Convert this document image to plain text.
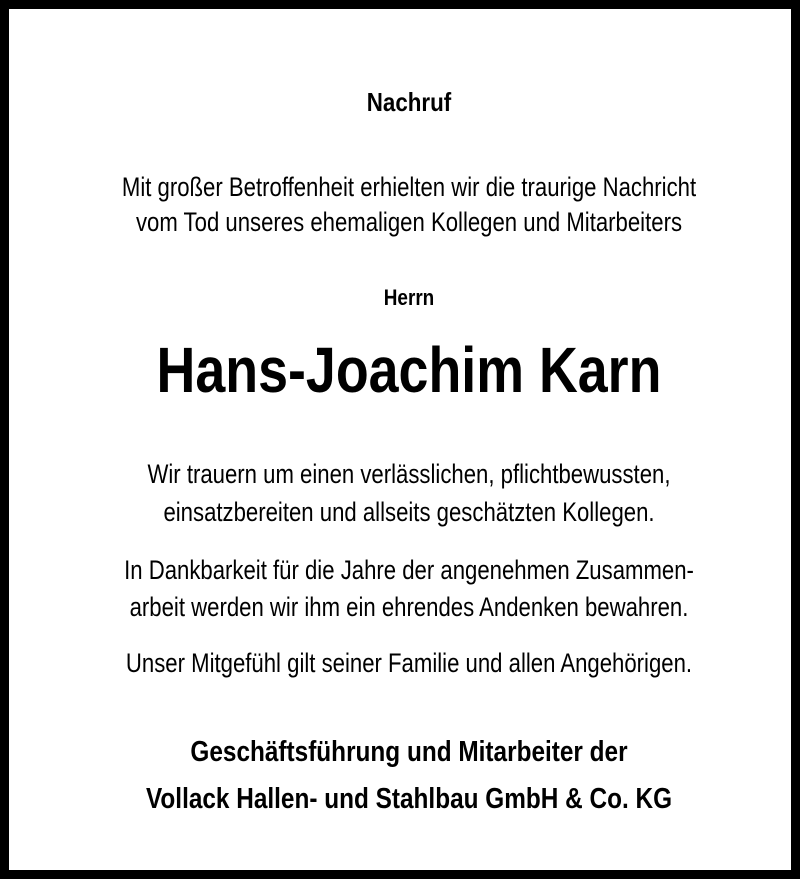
Nachruf
Mit großer Betroffenheit erhielten wir die traurige Nachricht
vom Tod unseres ehemaligen Kollegen und Mitarbeiters
Herrn
Hans-Joachim Karn
Wir trauern um einen verlässlichen, pflichtbewussten,
einsatzbereiten und allseits geschätzten Kollegen.
In Dankbarkeit für die Jahre der angenehmen Zusammen-
arbeit werden wir ihm ein ehrendes Andenken bewahren.
Unser Mitgefühl gilt seiner Familie und allen Angehörigen.
Geschäftsführung und Mitarbeiter der
Vollack Hallen- und Stahlbau GmbH & Co. KG
